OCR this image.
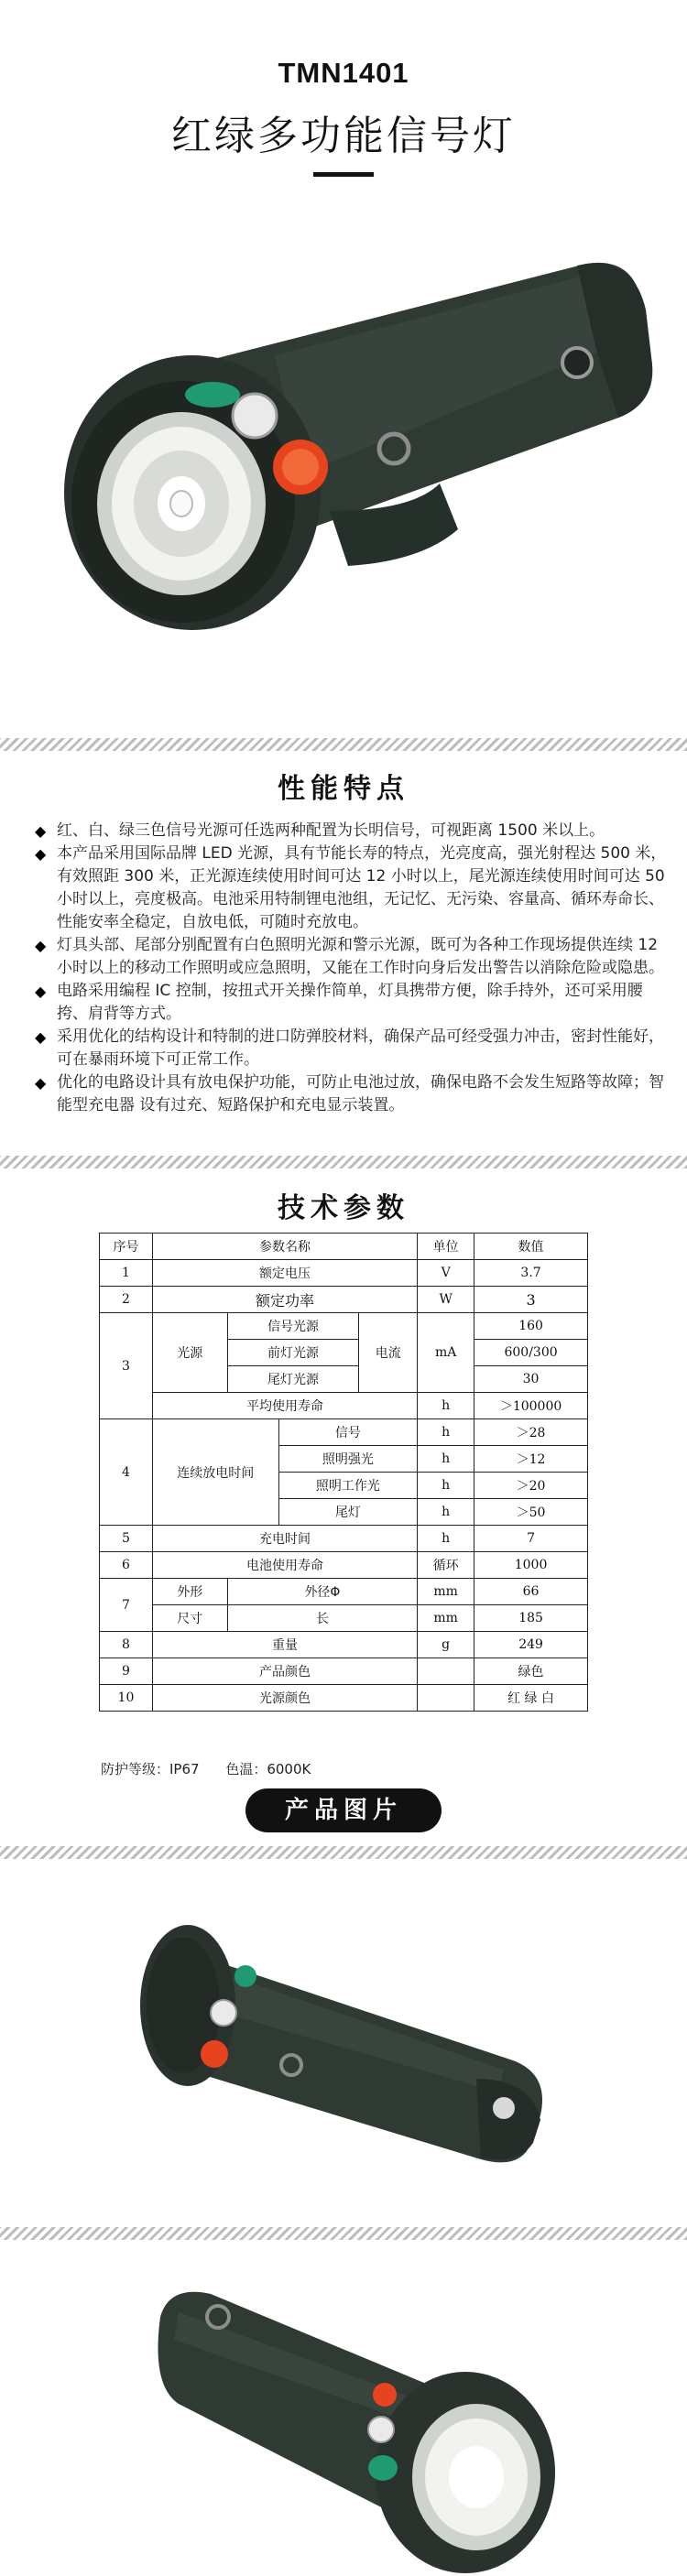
TMN1401
红绿多功能信号灯
性能特点
◆ 红、白、绿三色信号光源可任选两种配置为长明信号，可视距离 1500 米以上。
◆ 本产品采用国际品牌 LED 光源，具有节能长寿的特点，光亮度高，强光射程达 500 米，有效照距 300 米，正光源连续使用时间可达 12 小时以上，尾光源连续使用时间可达 50 小时以上，亮度极高。电池采用特制锂电池组，无记忆、无污染、容量高、循环寿命长、性能安率全稳定，自放电低，可随时充放电。
◆ 灯具头部、尾部分别配置有白色照明光源和警示光源，既可为各种工作现场提供连续 12 小时以上的移动工作照明或应急照明，又能在工作时向身后发出警告以消除危险或隐患。
◆ 电路采用编程 IC 控制，按扭式开关操作简单，灯具携带方便，除手持外，还可采用腰挎、肩背等方式。
◆ 采用优化的结构设计和特制的进口防弹胶材料，确保产品可经受强力冲击，密封性能好，可在暴雨环境下可正常工作。
◆ 优化的电路设计具有放电保护功能，可防止电池过放，确保电路不会发生短路等故障；智能型充电器 设有过充、短路保护和充电显示装置。
技术参数
序号	参数名称				单位	数值
1	额定电压				V	3.7
2	额定功率				W	3
3	光源	信号光源		电流	mA	160
		前灯光源				600/300
		尾灯光源				30
	平均使用寿命				h	＞100000
4	连续放电时间		信号		h	＞28
			照明强光		h	＞12
			照明工作光		h	＞20
			尾灯		h	＞50
5	充电时间				h	7
6	电池使用寿命				循环	1000
7	外形	外径Φ			mm	66
	尺寸	长			mm	185
8	重量				g	249
9	产品颜色					绿色
10	光源颜色					红 绿 白
防护等级：IP67 色温：6000K
产品图片
